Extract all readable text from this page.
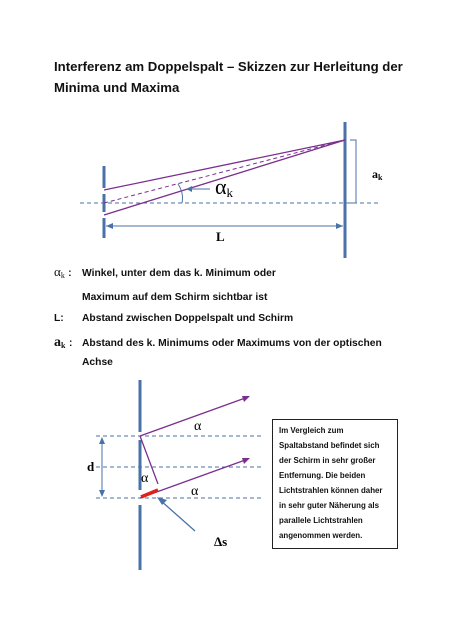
Interferenz am Doppelspalt – Skizzen zur Herleitung der
Minima und Maxima
αk
L
ak
d
Δs
α
α
α
$\alpha_k$ : Winkel, unter dem das k. Minimum oder
Maximum auf dem Schirm sichtbar ist
L: Abstand zwischen Doppelspalt und Schirm
$a_k$ : Abstand des k. Minimums oder Maximums von der optischen
Achse
Im Vergleich zum
Spaltabstand befindet sich
der Schirm in sehr großer
Entfernung. Die beiden
Lichtstrahlen können daher
in sehr guter Näherung als
parallele Lichtstrahlen
angenommen werden.
